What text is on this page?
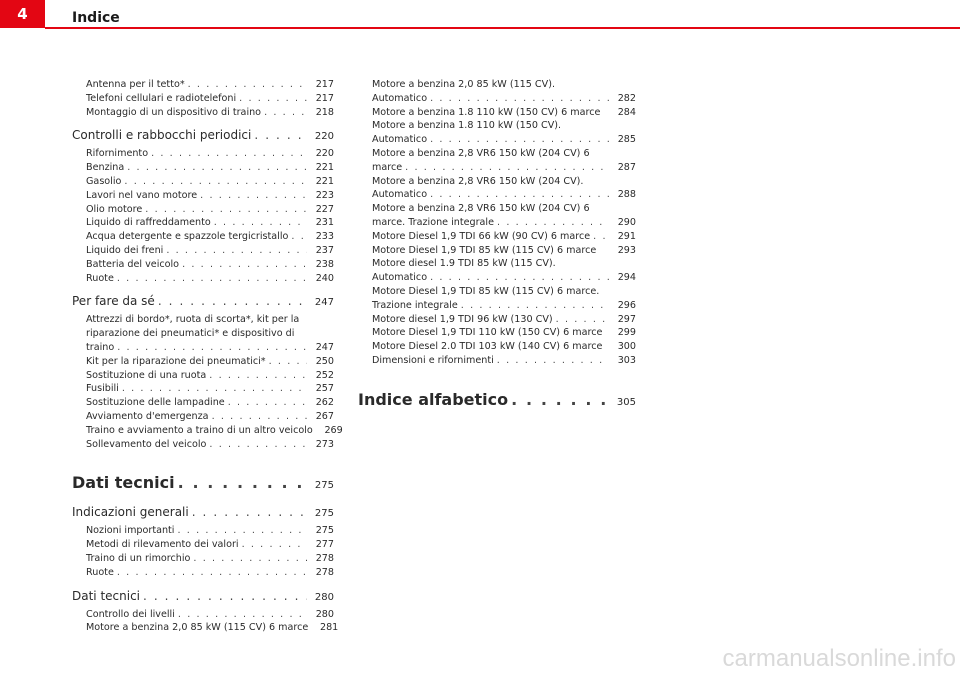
4	Indice
Antenna per il tetto* . . .	217
Telefoni cellulari e radiotelefoni . . .	217
Montaggio di un dispositivo di traino . . .	218
Controlli e rabbocchi periodici . . .	220
Rifornimento . . .	220
Benzina . . .	221
Gasolio . . .	221
Lavori nel vano motore . . .	223
Olio motore . . .	227
Liquido di raffreddamento . . .	231
Acqua detergente e spazzole tergicristallo . . .	233
Liquido dei freni . . .	237
Batteria del veicolo . . .	238
Ruote . . .	240
Per fare da sé . . .	247
Attrezzi di bordo*, ruota di scorta*, kit per la
riparazione dei pneumatici* e dispositivo di
traino . . .	247
Kit per la riparazione dei pneumatici* . . .	250
Sostituzione di una ruota . . .	252
Fusibili . . .	257
Sostituzione delle lampadine . . .	262
Avviamento d'emergenza . . .	267
Traino e avviamento a traino di un altro veicolo	269
Sollevamento del veicolo . . .	273
Dati tecnici . . .	275
Indicazioni generali . . .	275
Nozioni importanti . . .	275
Metodi di rilevamento dei valori . . .	277
Traino di un rimorchio . . .	278
Ruote . . .	278
Dati tecnici . . .	280
Controllo dei livelli . . .	280
Motore a benzina 2,0 85 kW (115 CV) 6 marce	281
Motore a benzina 2,0 85 kW (115 CV).
Automatico . . .	282
Motore a benzina 1.8 110 kW (150 CV) 6 marce	284
Motore a benzina 1.8 110 kW (150 CV).
Automatico . . .	285
Motore a benzina 2,8 VR6 150 kW (204 CV) 6
marce . . .	287
Motore a benzina 2,8 VR6 150 kW (204 CV).
Automatico . . .	288
Motore a benzina 2,8 VR6 150 kW (204 CV) 6
marce. Trazione integrale . . .	290
Motore Diesel 1,9 TDI 66 kW (90 CV) 6 marce . . .	291
Motore Diesel 1,9 TDI 85 kW (115 CV) 6 marce	293
Motore diesel 1.9 TDI 85 kW (115 CV).
Automatico . . .	294
Motore Diesel 1,9 TDI 85 kW (115 CV) 6 marce.
Trazione integrale . . .	296
Motore diesel 1,9 TDI 96 kW (130 CV) . . .	297
Motore Diesel 1,9 TDI 110 kW (150 CV) 6 marce	299
Motore Diesel 2.0 TDI 103 kW (140 CV) 6 marce	300
Dimensioni e rifornimenti . . .	303
Indice alfabetico . . .	305
carmanualsonline.info
